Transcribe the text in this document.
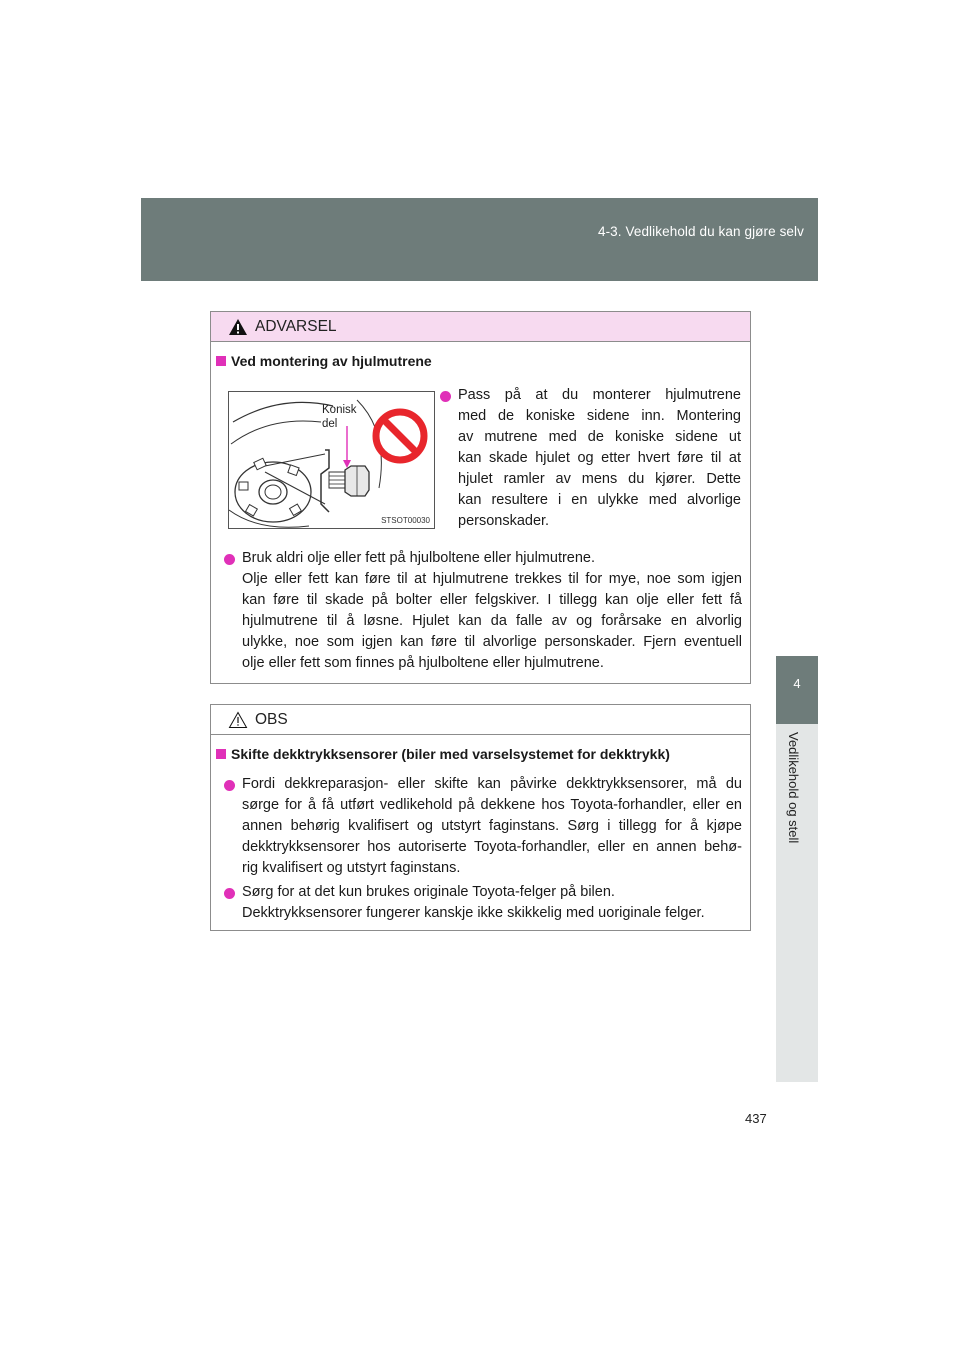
4-3. Vedlikehold du kan gjøre selv
4
Vedlikehold og stell
ADVARSEL
Ved montering av hjulmutrene
Konisk
del
STSOT00030
Pass på at du monterer hjulmutrene
med de koniske sidene inn. Montering
av mutrene med de koniske sidene ut
kan skade hjulet og etter hvert føre til at
hjulet ramler av mens du kjører. Dette
kan resultere i en ulykke med alvorlige
personskader.
Bruk aldri olje eller fett på hjulboltene eller hjulmutrene.
Olje eller fett kan føre til at hjulmutrene trekkes til for mye, noe som igjen
kan føre til skade på bolter eller felgskiver. I tillegg kan olje eller fett få
hjulmutrene til å løsne. Hjulet kan da falle av og forårsake en alvorlig
ulykke, noe som igjen kan føre til alvorlige personskader. Fjern eventuell
olje eller fett som finnes på hjulboltene eller hjulmutrene.
OBS
Skifte dekktrykksensorer (biler med varselsystemet for dekktrykk)
Fordi dekkreparasjon- eller skifte kan påvirke dekktrykksensorer, må du
sørge for å få utført vedlikehold på dekkene hos Toyota-forhandler, eller en
annen behørig kvalifisert og utstyrt faginstans. Sørg i tillegg for å kjøpe
dekktrykksensorer hos autoriserte Toyota-forhandler, eller en annen behø-
rig kvalifisert og utstyrt faginstans.
Sørg for at det kun brukes originale Toyota-felger på bilen.
Dekktrykksensorer fungerer kanskje ikke skikkelig med uoriginale felger.
437
